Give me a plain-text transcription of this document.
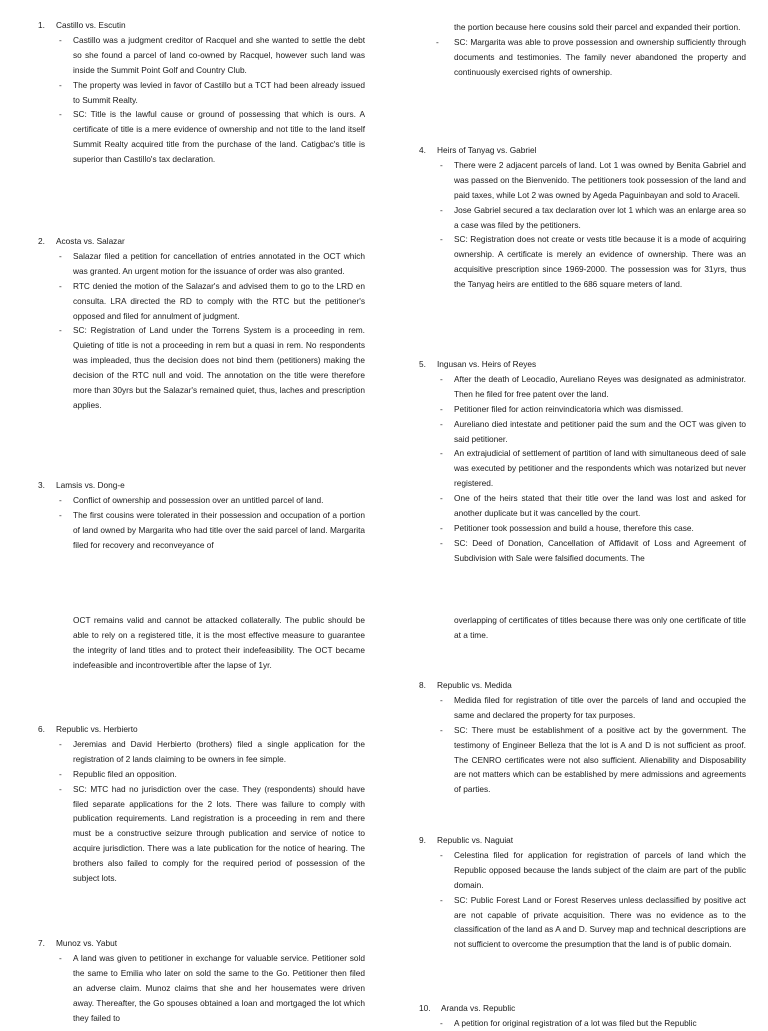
1.	Castillo vs. Escutin
-	Castillo was a judgment creditor of Racquel and she wanted to settle the debt so she found a parcel of land co-owned by Racquel, however such land was inside the Summit Point Golf and Country Club.
-	The property was levied in favor of Castillo but a TCT had been already issued to Summit Realty.
-	SC: Title is the lawful cause or ground of possessing that which is ours. A certificate of title is a mere evidence of ownership and not title to the land itself Summit Realty acquired title from the purchase of the land. Catigbac's title is superior than Castillo's tax declaration.
2.	Acosta vs. Salazar
-	Salazar filed a petition for cancellation of entries annotated in the OCT which was granted. An urgent motion for the issuance of order was also granted.
-	RTC denied the motion of the Salazar's and advised them to go to the LRD en consulta. LRA directed the RD to comply with the RTC but the petitioner's opposed and filed for annulment of judgment.
-	SC: Registration of Land under the Torrens System is a proceeding in rem. Quieting of title is not a proceeding in rem but a quasi in rem. No respondents was impleaded, thus the decision does not bind them (petitioners) making the decision of the RTC null and void. The annotation on the title were therefore more than 30yrs but the Salazar's remained quiet, thus, laches and prescription applies.
3.	Lamsis vs. Dong-e
-	Conflict of ownership and possession over an untitled parcel of land.
-	The first cousins were tolerated in their possession and occupation of a portion of land owned by Margarita who had title over the said parcel of land. Margarita filed for recovery and reconveyance of

OCT remains valid and cannot be attacked collaterally. The public should be able to rely on a registered title, it is the most effective measure to guarantee the integrity of land titles and to protect their indefeasibility. The OCT became indefeasible and incontrovertible after the lapse of 1yr.

6.	Republic vs. Herbierto
-	Jeremias and David Herbierto (brothers) filed a single application for the registration of 2 lands claiming to be owners in fee simple.
-	Republic filed an opposition.
-	SC: MTC had no jurisdiction over the case. They (respondents) should have filed separate applications for the 2 lots. There was failure to comply with publication requirements. Land registration is a proceeding in rem and there must be a constructive seizure through publication and service of notice to acquire jurisdiction. There was a late publication for the notice of hearing. The brothers also failed to comply for the required period of possession of the subject lots.
7.	Munoz vs. Yabut
-	A land was given to petitioner in exchange for valuable service. Petitioner sold the same to Emilia who later on sold the same to the Go. Petitioner then filed an adverse claim. Munoz claims that she and her housemates were driven away. Thereafter, the Go spouses obtained a loan and mortgaged the lot which they failed to

the portion because here cousins sold their parcel and expanded their portion.

-	SC: Margarita was able to prove possession and ownership sufficiently through documents and testimonies. The family never abandoned the property and continuously exercised rights of ownership.
4.	Heirs of Tanyag vs. Gabriel
-	There were 2 adjacent parcels of land. Lot 1 was owned by Benita Gabriel and was passed on the Bienvenido. The petitioners took possession of the land and paid taxes, while Lot 2 was owned by Ageda Paguinbayan and sold to Araceli.
-	Jose Gabriel secured a tax declaration over lot 1 which was an enlarge area so a case was filed by the petitioners.
-	SC: Registration does not create or vests title because it is a mode of acquiring ownership. A certificate is merely an evidence of ownership. There was an acquisitive prescription since 1969-2000. The possession was for 31yrs, thus the Tanyag heirs are entitled to the 686 square meters of land.
5.	Ingusan vs. Heirs of Reyes
-	After the death of Leocadio, Aureliano Reyes was designated as administrator. Then he filed for free patent over the land.
-	Petitioner filed for action reinvindicatoria which was dismissed.
-	Aureliano died intestate and petitioner paid the sum and the OCT was given to said petitioner.
-	An extrajudicial of settlement of partition of land with simultaneous deed of sale was executed by petitioner and the respondents which was notarized but never registered.
-	One of the heirs stated that their title over the land was lost and asked for another duplicate but it was cancelled by the court.
-	Petitioner took possession and build a house, therefore this case.
-	SC: Deed of Donation, Cancellation of Affidavit of Loss and Agreement of Subdivision with Sale were falsified documents. The

overlapping of certificates of titles because there was only one certificate of title at a time.

8.	Republic vs. Medida
-	Medida filed for registration of title over the parcels of land and occupied the same and declared the property for tax purposes.
-	SC: There must be establishment of a positive act by the government. The testimony of Engineer Belleza that the lot is A and D is not sufficient as proof. The CENRO certificates were not also sufficient. Alienability and Disposability are not matters which can be established by mere admissions and agreements of parties.
9.	Republic vs. Naguiat
-	Celestina filed for application for registration of parcels of land which the Republic opposed because the lands subject of the claim are part of the public domain.
-	SC: Public Forest Land or Forest Reserves unless declassified by positive act are not capable of private acquisition. There was no evidence as to the classification of the land as A and D. Survey map and technical descriptions are not sufficient to overcome the presumption that the land is of public domain.
10.	Aranda vs. Republic
-	A petition for original registration of a lot was filed but the Republic
